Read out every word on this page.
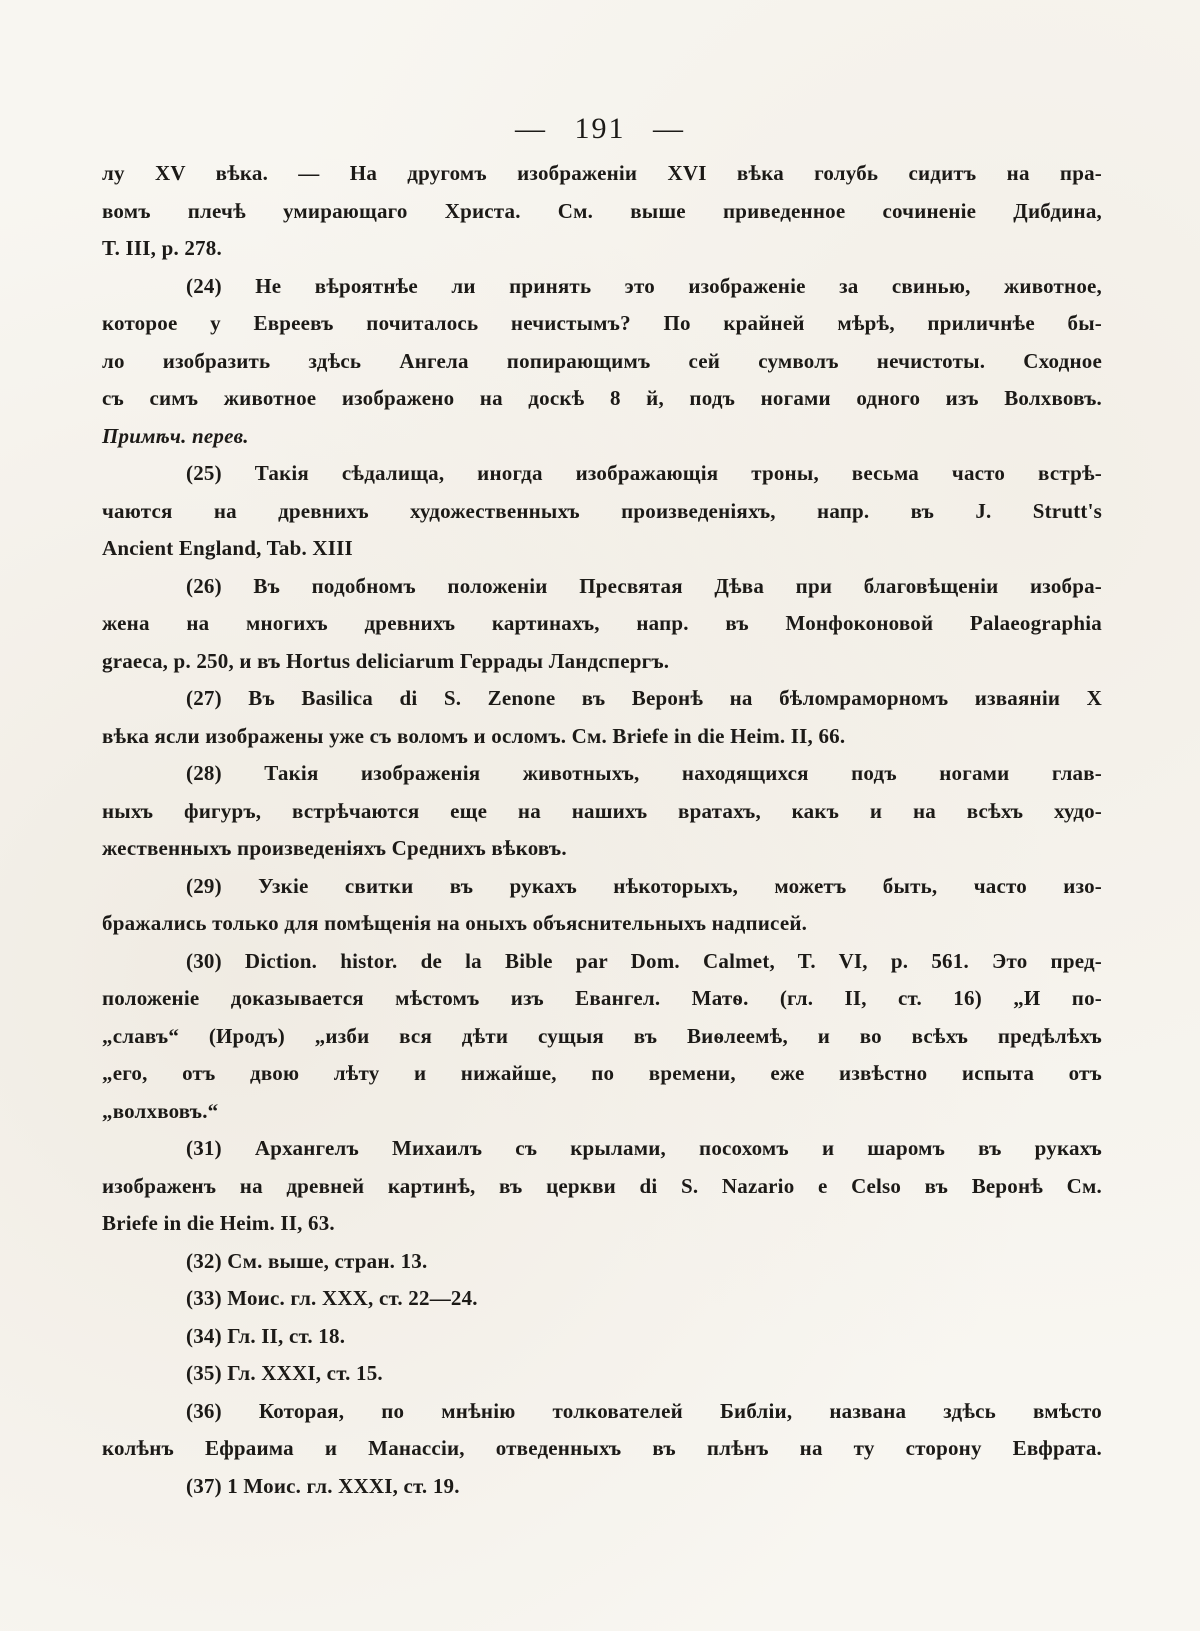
— 191 —
лу XV вѣка. — На другомъ изображеніи XVI вѣка голубь сидитъ на пра-
вомъ плечѣ умирающаго Христа. См. выше приведенное сочиненіе Дибдина,
T. III, p. 278.
(24) Не вѣроятнѣе ли принять это изображеніе за свинью, животное,
которое у Евреевъ почиталось нечистымъ? По крайней мѣрѣ, приличнѣе бы-
ло изобразить здѣсь Ангела попирающимъ сей сумволъ нечистоты. Сходное
съ симъ животное изображено на доскѣ 8 й, подъ ногами одного изъ Волхвовъ.
Примѣч. перев.
(25) Такія сѣдалища, иногда изображающія троны, весьма часто встрѣ-
чаются на древнихъ художественныхъ произведеніяхъ, напр. въ J. Strutt's
Ancient England, Tab. XIII
(26) Въ подобномъ положеніи Пресвятая Дѣва при благовѣщеніи изобра-
жена на многихъ древнихъ картинахъ, напр. въ Монфоконовой Palaeographia
graeca, p. 250, и въ Hortus deliciarum Геррады Ландспергъ.
(27) Въ Basilica di S. Zenone въ Веронѣ на бѣломраморномъ изваяніи X
вѣка ясли изображены уже съ воломъ и осломъ. См. Briefe in die Heim. II, 66.
(28) Такія изображенія животныхъ, находящихся подъ ногами глав-
ныхъ фигуръ, встрѣчаются еще на нашихъ вратахъ, какъ и на всѣхъ худо-
жественныхъ произведеніяхъ Среднихъ вѣковъ.
(29) Узкіе свитки въ рукахъ нѣкоторыхъ, можетъ быть, часто изо-
бражались только для помѣщенія на оныхъ объяснительныхъ надписей.
(30) Diction. histor. de la Bible par Dom. Calmet, T. VI, p. 561. Это пред-
положеніе доказывается мѣстомъ изъ Евангел. Матѳ. (гл. II, ст. 16) „И по-
„славъ“ (Иродъ) „изби вся дѣти сущыя въ Виѳлеемѣ, и во всѣхъ предѣлѣхъ
„его, отъ двою лѣту и нижайше, по времени, еже извѣстно испыта отъ
„волхвовъ.“
(31) Архангелъ Михаилъ съ крылами, посохомъ и шаромъ въ рукахъ
изображенъ на древней картинѣ, въ церкви di S. Nazario e Celso въ Веронѣ См.
Briefe in die Heim. II, 63.
(32) См. выше, стран. 13.
(33) Моис. гл. XXX, ст. 22—24.
(34) Гл. II, ст. 18.
(35) Гл. XXXI, ст. 15.
(36) Которая, по мнѣнію толкователей Библіи, названа здѣсь вмѣсто
колѣнъ Ефраима и Манассіи, отведенныхъ въ плѣнъ на ту сторону Евфрата.
(37) 1 Моис. гл. XXXI, ст. 19.
